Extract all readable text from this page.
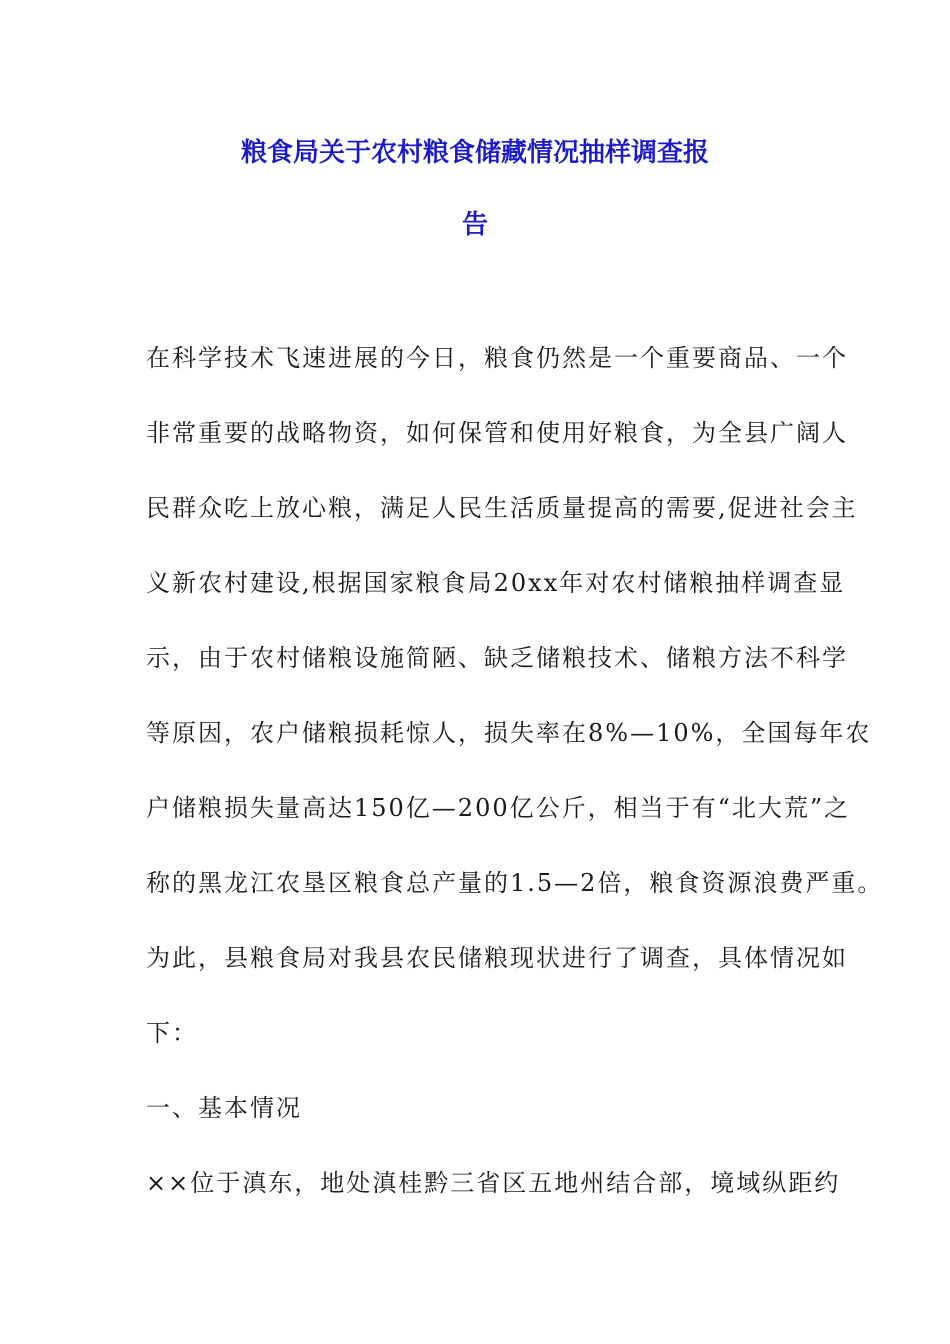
粮食局关于农村粮食储藏情况抽样调查报
告

在科学技术飞速进展的今日，粮食仍然是一个重要商品、一个

非常重要的战略物资，如何保管和使用好粮食，为全县广阔人

民群众吃上放心粮，满足人民生活质量提高的需要,促进社会主

义新农村建设,根据国家粮食局20xx年对农村储粮抽样调查显

示，由于农村储粮设施简陋、缺乏储粮技术、储粮方法不科学

等原因，农户储粮损耗惊人，损失率在8%—10%，全国每年农

户储粮损失量高达150亿—200亿公斤，相当于有“北大荒”之

称的黑龙江农垦区粮食总产量的1.5—2倍，粮食资源浪费严重。

为此，县粮食局对我县农民储粮现状进行了调查，具体情况如

下：

一、基本情况

××位于滇东，地处滇桂黔三省区五地州结合部，境域纵距约
